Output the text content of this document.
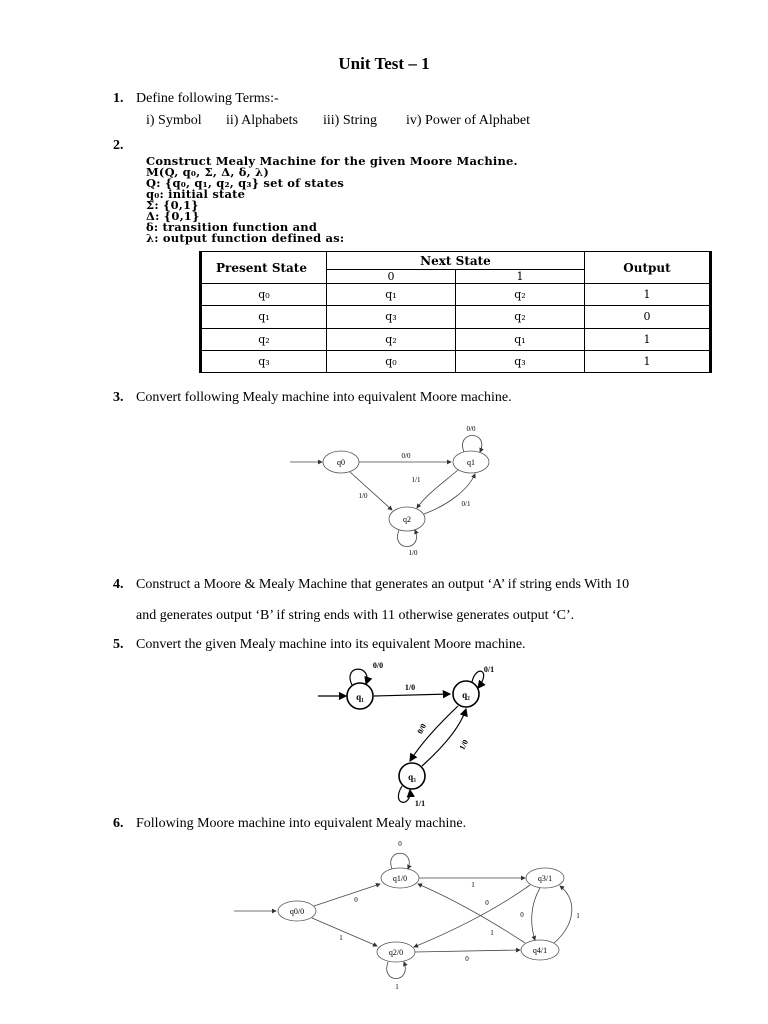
Unit Test – 1
1. Define following Terms:-
i) Symbol ii) Alphabets iii) String iv) Power of Alphabet
2.
Construct Mealy Machine for the given Moore Machine.
M(Q, q₀, Σ, Δ, δ, λ)
Q: {q₀, q₁, q₂, q₃} set of states
q₀: initial state
Σ: {0,1}
Δ: {0,1}
δ: transition function and
λ: output function defined as:
Present State	Next State		Output
	0	1	
q₀	q₁	q₂	1
q₁	q₃	q₂	0
q₂	q₂	q₁	1
q₃	q₀	q₃	1
3. Convert following Mealy machine into equivalent Moore machine.
q0	q1
q2
0/0
0/0
1/1
1/0
0/1
1/0
4. Construct a Moore & Mealy Machine that generates an output ‘A’ if string ends With 10
and generates output ‘B’ if string ends with 11 otherwise generates output ‘C’.
5. Convert the given Mealy machine into its equivalent Moore machine.
q₁	q₂
q₃
0/0	0/1
1/0
0/0
1/0
1/1
6. Following Moore machine into equivalent Mealy machine.
q0/0
q1/0
q2/0
q3/1
q4/1
0
1
0
1
1
0
1
0
0	1
